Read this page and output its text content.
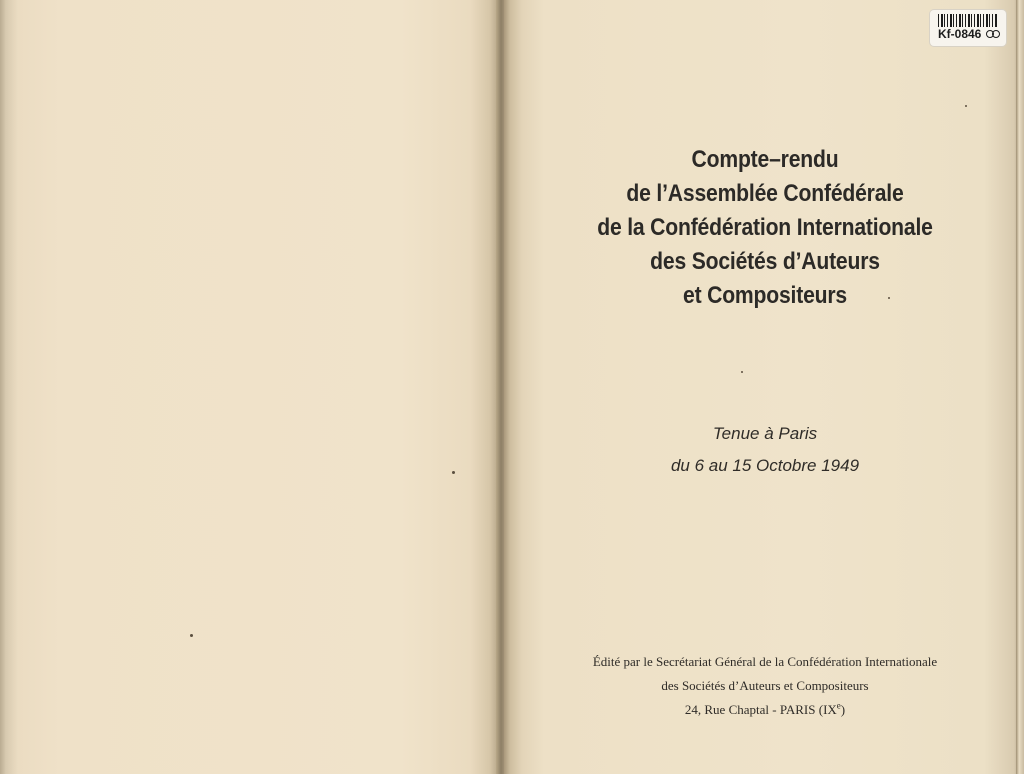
Kf-0846
Compte–rendu
de l’Assemblée Confédérale
de la Confédération Internationale
des Sociétés d’Auteurs
et Compositeurs
Tenue à Paris
du 6 au 15 Octobre 1949
Édité par le Secrétariat Général de la Confédération Internationale
des Sociétés d’Auteurs et Compositeurs
24, Rue Chaptal - PARIS (IXe)
